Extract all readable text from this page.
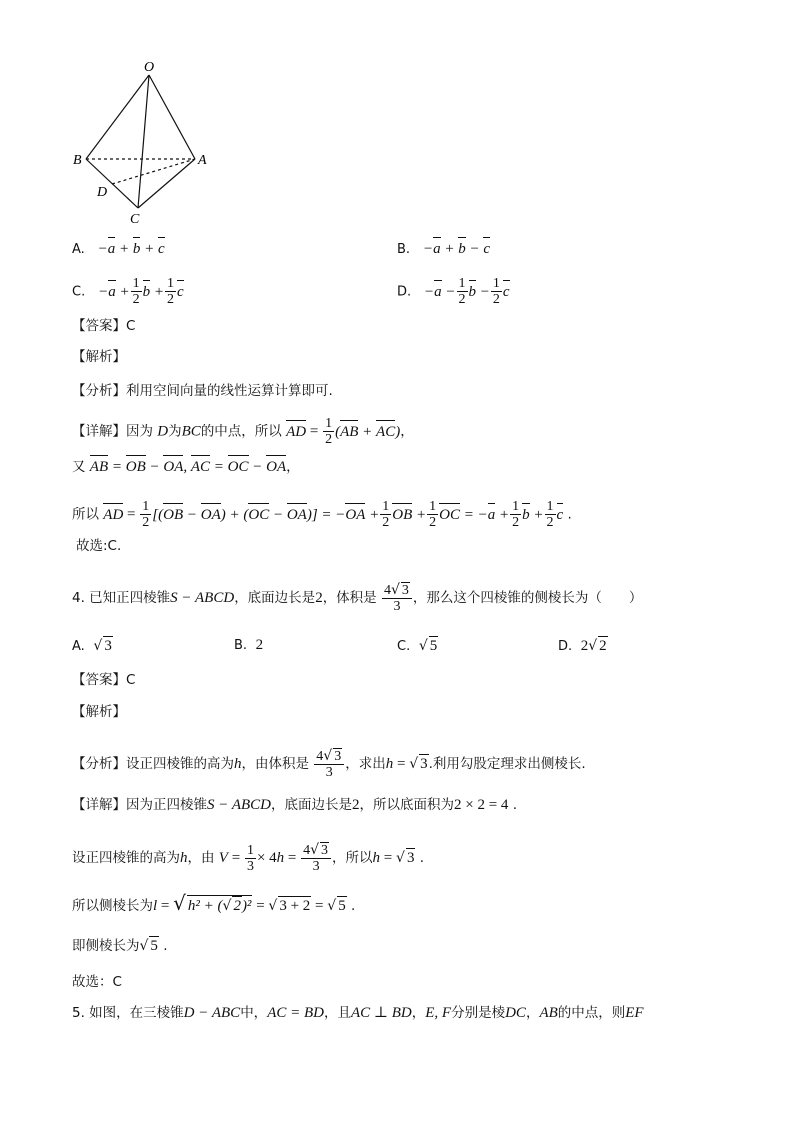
O
B	A
D
C
A. −a + b + c	B. −a + b − c
C. $-a + \frac{1}{2}$ $b + \frac{1}{2}$ c	D. $-a - \frac{1}{2}$ $b - \frac{1}{2}$ c
【答案】C
【解析】
【分析】利用空间向量的线性运算计算即可.
【详解】因为 D为BC的中点，所以 AD = $\frac{1}{2} (AB + AC)$，
又 AB = OB − OA, AC = OC − OA，
所以 AD = $\frac{1}{2} [(OB - OA) + (OC - OA)] = -OA + \frac{1}{2}$ OB + $\frac{1}{2}$ OC = $-a + \frac{1}{2}$ $b + \frac{1}{2}$ c .
故选:C.
4. 已知正四棱锥S − ABCD，底面边长是2，体积是 $\frac{4√ 3}{3}$ ，那么这个四棱锥的侧棱长为（　　）
A. √ 3	B. 2	C. √ 5	D. 2√ 2
【答案】C
【解析】
【分析】设正四棱锥的高为h，由体积是 $\frac{4√ 3}{3}$ ，求出h = √ 3.利用勾股定理求出侧棱长.
【详解】因为正四棱锥S − ABCD，底面边长是2，所以底面积为2 × 2 = 4 .
设正四棱锥的高为h，由 $V = \frac{1}{3} \times 4h = \frac{4√ 3}{3}$ ，所以h = √ 3 .
所以侧棱长为l = √ h² + (√ 2)² = √ 3 + 2 = √ 5 .
即侧棱长为√ 5 .
故选：C
5. 如图，在三棱锥D − ABC中，AC = BD，且AC ⊥ BD，E, F分别是棱DC，AB的中点，则EF
